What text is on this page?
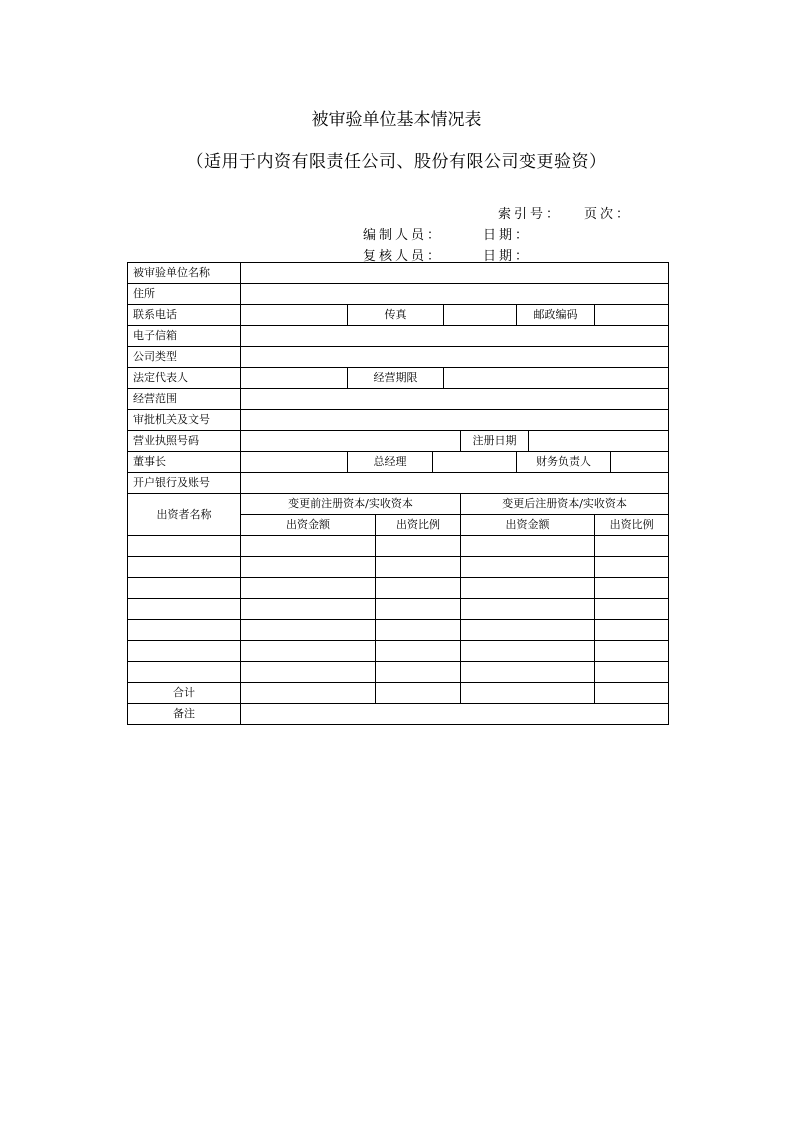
被审验单位基本情况表
（适用于内资有限责任公司、股份有限公司变更验资）
索引号： 页次：
编制人员：	日期：
复核人员：	日期：
被审验单位名称										
住所										
联系电话		传真					邮政编码			
电子信箱										
公司类型										
法定代表人		经营期限								
经营范围										
审批机关及文号										
营业执照号码						注册日期				
董事长		总经理					财务负责人			
开户银行及账号										
出资者名称	变更前注册资本/实收资本					变更后注册资本/实收资本				
	出资金额		出资比例			出资金额			出资比例	

合计										
备注										
